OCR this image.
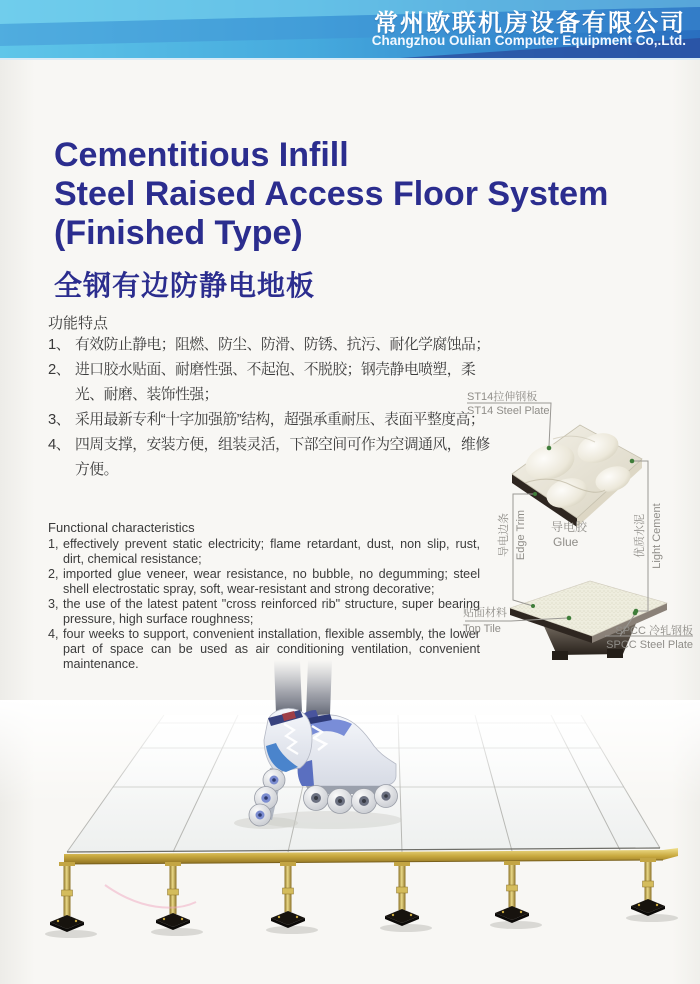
常州欧联机房设备有限公司
Changzhou Oulian Computer Equipment Co,.Ltd.
Cementitious Infill
Steel Raised Access Floor System
(Finished Type)
全钢有边防静电地板
功能特点
1、 有效防止静电；阻燃、防尘、防滑、防锈、抗污、耐化学腐蚀品；
2、 进口胶水贴面、耐磨性强、不起泡、不脱胶；钢壳静电喷塑，柔光、耐磨、装饰性强；
3、 采用最新专利“十字加强筋”结构，超强承重耐压、表面平整度高；
4、 四周支撑，安装方便，组装灵活，下部空间可作为空调通风，维修方便。
Functional characteristics
1, effectively prevent static electricity; flame retardant, dust, non slip, rust, dirt, chemical resistance;
2, imported glue veneer, wear resistance, no bubble, no degumming; steel shell electrostatic spray, soft, wear-resistant and strong decorative;
3, the use of the latest patent "cross reinforced rib" structure, super bearing pressure, high surface roughness;
4, four weeks to support, convenient installation, flexible assembly, the lower part of space can be used as air conditioning ventilation, convenient maintenance.
ST14拉伸钢板
ST14 Steel Plate
导电边条 Edge Trim 导电胶
Glue	优质水泥 Light Cement
贴面材料
Top Tile	SPCC 冷轧钢板
SPCC Steel Plate
